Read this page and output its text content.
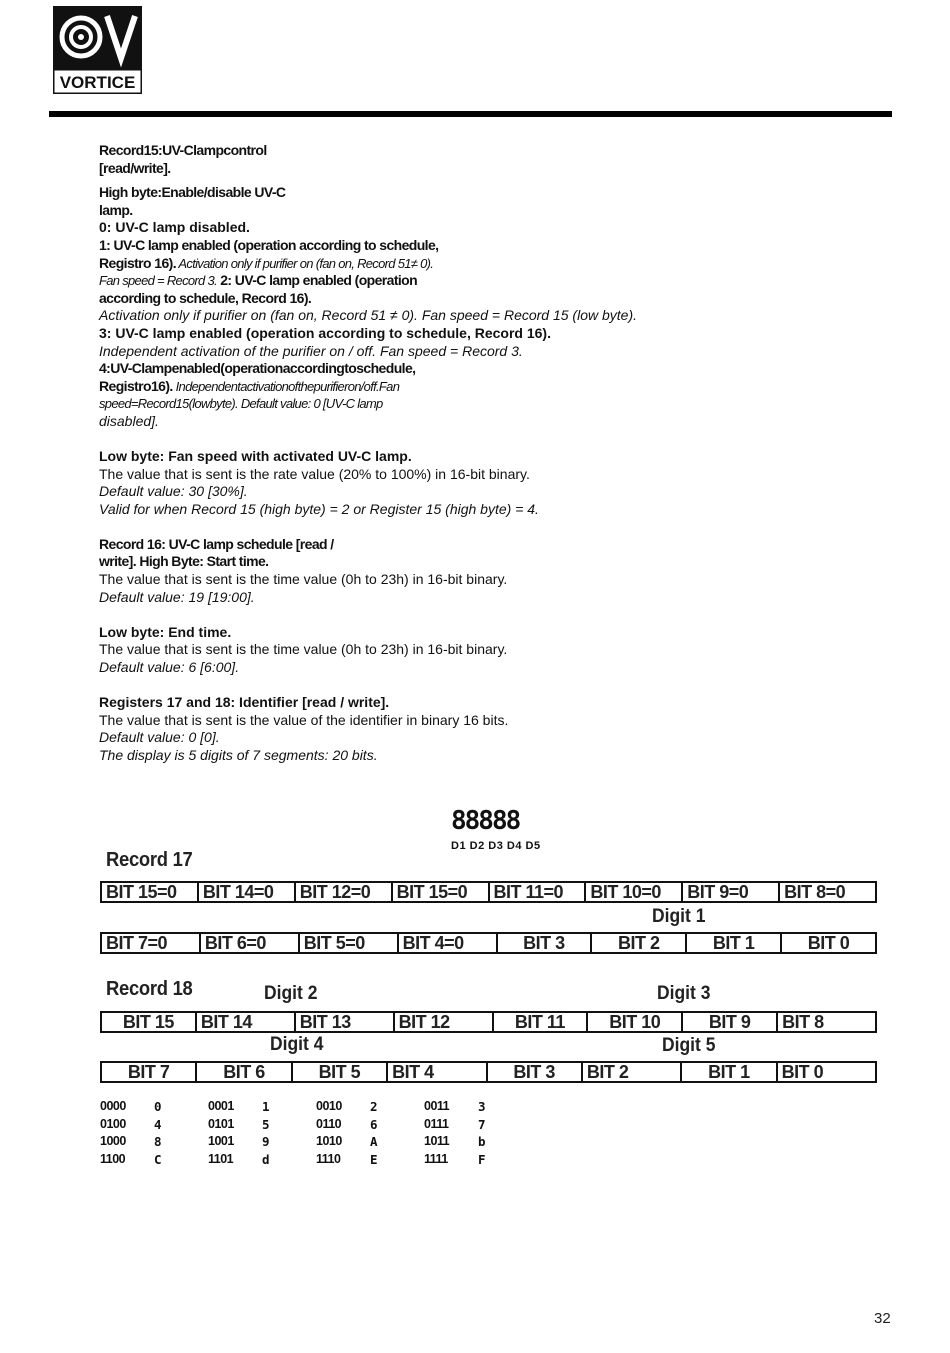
VORTICE

Record15:UV-Clampcontrol
[read/write].

High byte:Enable/disable UV-C
lamp.

0: UV-C lamp disabled.

1: UV-C lamp enabled (operation according to schedule,
Registro 16). Activation only if purifier on (fan on, Record 51≠ 0).
Fan speed = Record 3. 2: UV-C lamp enabled (operation
according to schedule, Record 16).

Activation only if purifier on (fan on, Record 51 ≠ 0). Fan speed = Record 15 (low byte).

3: UV-C lamp enabled (operation according to schedule, Record 16).

Independent activation of the purifier on / off. Fan speed = Record 3.

4:UV-Clampenabled(operationaccordingtoschedule,
Registro16). Independentactivationofthepurifieron/off.Fan
speed=Record15(lowbyte). Default value: 0 [UV-C lamp
disabled].

Low byte: Fan speed with activated UV-C lamp.

The value that is sent is the rate value (20% to 100%) in 16-bit binary.

Default value: 30 [30%].

Valid for when Record 15 (high byte) = 2 or Register 15 (high byte) = 4.

Record 16: UV-C lamp schedule [read /
write]. High Byte: Start time.

The value that is sent is the time value (0h to 23h) in 16-bit binary.

Default value: 19 [19:00].

Low byte: End time.

The value that is sent is the time value (0h to 23h) in 16-bit binary.

Default value: 6 [6:00].

Registers 17 and 18: Identifier [read / write].

The value that is sent is the value of the identifier in binary 16 bits.

Default value: 0 [0].

The display is 5 digits of 7 segments: 20 bits.

88888
D1 D2 D3 D4 D5
Record 17
BIT 15=0	BIT 14=0	BIT 12=0	BIT 15=0	BIT 11=0	BIT 10=0	BIT 9=0	BIT 8=0
Digit 1
BIT 7=0	BIT 6=0	BIT 5=0	BIT 4=0	BIT 3	BIT 2	BIT 1	BIT 0
Record 18	Digit 2	Digit 3
BIT 15	BIT 14	BIT 13	BIT 12	BIT 11	BIT 10	BIT 9	BIT 8
Digit 4	Digit 5
BIT 7	BIT 6	BIT 5	BIT 4	BIT 3	BIT 2	BIT 1	BIT 0
0000	0	0001	1	0010	2	0011	3
0100	4	0101	5	0110	6	0111	7
1000	8	1001	9	1010	A	1011	b
1100	C	1101	d	1110	E	1111	F
32
